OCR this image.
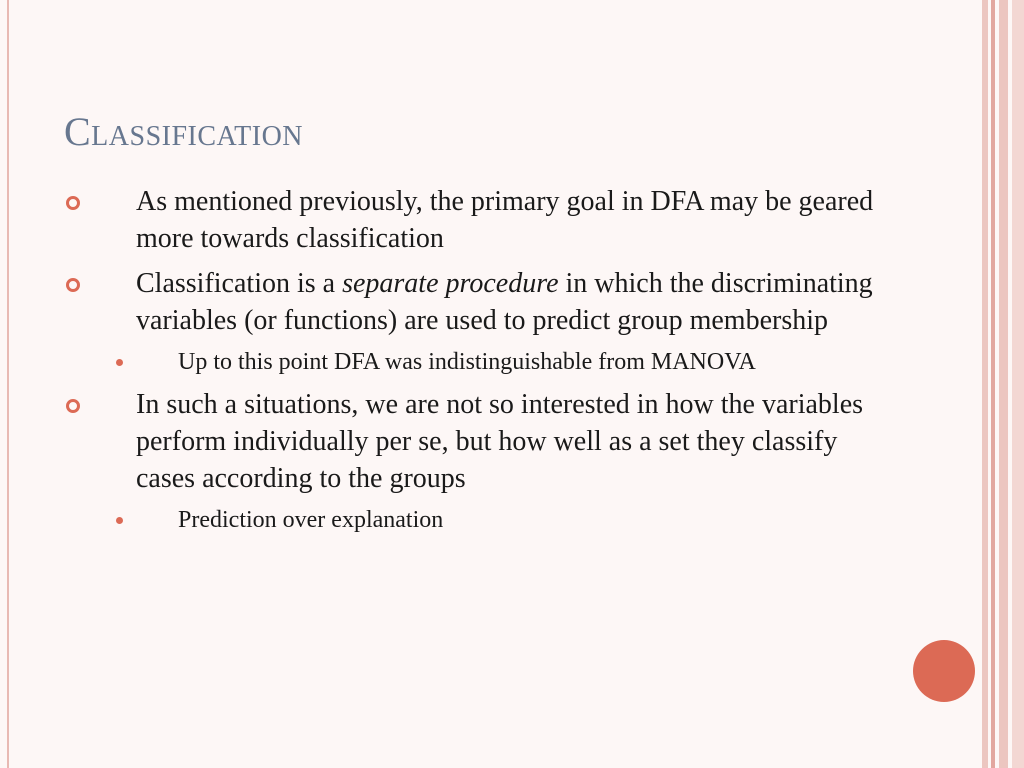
Classification
As mentioned previously, the primary goal in DFA may be geared more towards classification
Classification is a separate procedure in which the discriminating variables (or functions) are used to predict group membership
Up to this point DFA was indistinguishable from MANOVA
In such a situations, we are not so interested in how the variables perform individually per se, but how well as a set they classify cases according to the groups
Prediction over explanation
